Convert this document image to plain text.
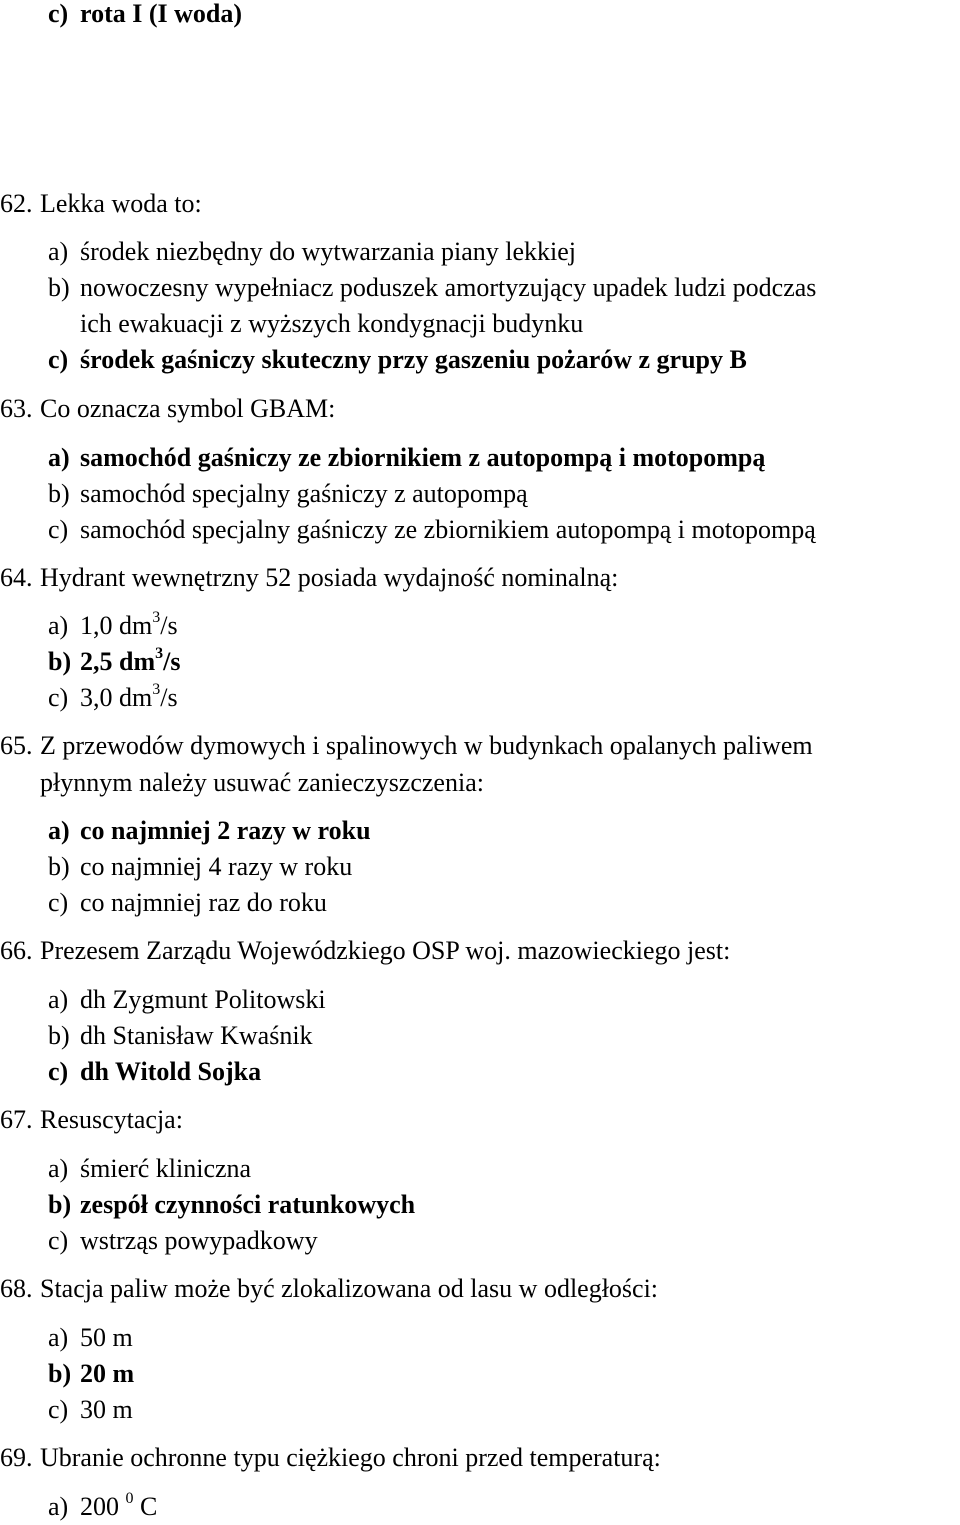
c) rota I (I woda)
62. Lekka woda to:
a) środek niezbędny do wytwarzania piany lekkiej
b) nowoczesny wypełniacz poduszek amortyzujący upadek ludzi podczas
ich ewakuacji z wyższych kondygnacji budynku
c) środek gaśniczy skuteczny przy gaszeniu pożarów z grupy B
63. Co oznacza symbol GBAM:
a) samochód gaśniczy ze zbiornikiem z autopompą i motopompą
b) samochód specjalny gaśniczy z autopompą
c) samochód specjalny gaśniczy ze zbiornikiem autopompą i motopompą
64. Hydrant wewnętrzny 52 posiada wydajność nominalną:
a) 1,0 $dm^3/s$
b) 2,5 $dm^3/s$
c) 3,0 $dm^3/s$
65. Z przewodów dymowych i spalinowych w budynkach opalanych paliwem
płynnym należy usuwać zanieczyszczenia:
a) co najmniej 2 razy w roku
b) co najmniej 4 razy w roku
c) co najmniej raz do roku
66. Prezesem Zarządu Wojewódzkiego OSP woj. mazowieckiego jest:
a) dh Zygmunt Politowski
b) dh Stanisław Kwaśnik
c) dh Witold Sojka
67. Resuscytacja:
a) śmierć kliniczna
b) zespół czynności ratunkowych
c) wstrząs powypadkowy
68. Stacja paliw może być zlokalizowana od lasu w odległości:
a) 50 m
b) 20 m
c) 30 m
69. Ubranie ochronne typu ciężkiego chroni przed temperaturą:
a) 200 $^0$ C
